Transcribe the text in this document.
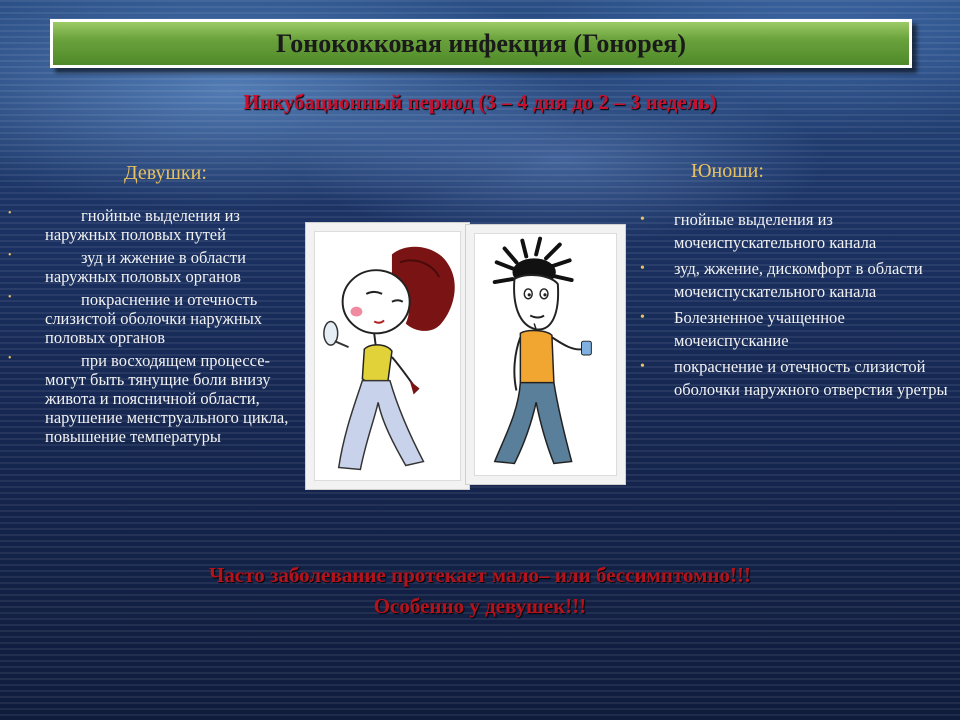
Гонококковая инфекция (Гонорея)
Инкубационный период (3 – 4 дня до 2 – 3 недель)
Девушки:	Юноши:
•	гнойные выделения из наружных половых путей
•	зуд и жжение в области наружных половых органов
•	покраснение и отечность слизистой оболочки наружных половых органов
•	при восходящем процессе- могут быть тянущие боли внизу живота и поясничной области, нарушение менструального цикла, повышение температуры
• гнойные выделения из мочеиспускательного канала
• зуд, жжение, дискомфорт в области мочеиспускательного канала
• Болезненное учащенное мочеиспускание
• покраснение и отечность слизистой оболочки наружного отверстия уретры
Часто заболевание протекает мало– или бессимптомно!!!
Особенно у девушек!!!
